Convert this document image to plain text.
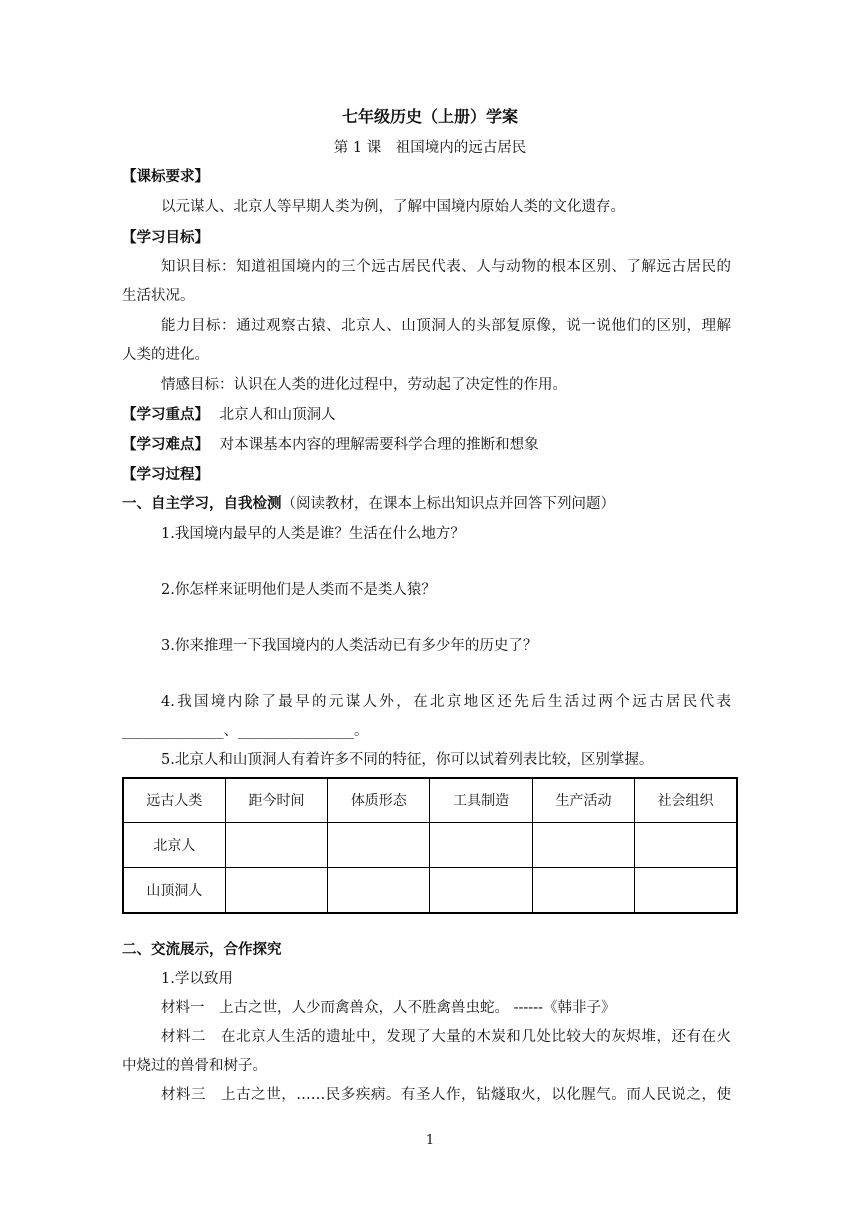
七年级历史（上册）学案
第 1 课　祖国境内的远古居民
【课标要求】
以元谋人、北京人等早期人类为例，了解中国境内原始人类的文化遗存。
【学习目标】
知识目标：知道祖国境内的三个远古居民代表、人与动物的根本区别、了解远古居民的
生活状况。
能力目标：通过观察古猿、北京人、山顶洞人的头部复原像，说一说他们的区别，理解
人类的进化。
情感目标：认识在人类的进化过程中，劳动起了决定性的作用。
【学习重点】 北京人和山顶洞人
【学习难点】 对本课基本内容的理解需要科学合理的推断和想象
【学习过程】
一、自主学习，自我检测（阅读教材，在课本上标出知识点并回答下列问题）
1.我国境内最早的人类是谁？生活在什么地方？
2.你怎样来证明他们是人类而不是类人猿？
3.你来推理一下我国境内的人类活动已有多少年的历史了？
4.我国境内除了最早的元谋人外，在北京地区还先后生活过两个远古居民代表
______________、________________。
5.北京人和山顶洞人有着许多不同的特征，你可以试着列表比较，区别掌握。
远古人类	距今时间	体质形态	工具制造	生产活动	社会组织
北京人					
山顶洞人					
二、交流展示，合作探究
1.学以致用
材料一　上古之世，人少而禽兽众，人不胜禽兽虫蛇。 ------《韩非子》
材料二　在北京人生活的遗址中，发现了大量的木炭和几处比较大的灰烬堆，还有在火
中烧过的兽骨和树子。
材料三　上古之世，……民多疾病。有圣人作，钻燧取火，以化腥气。而人民说之，使
1
